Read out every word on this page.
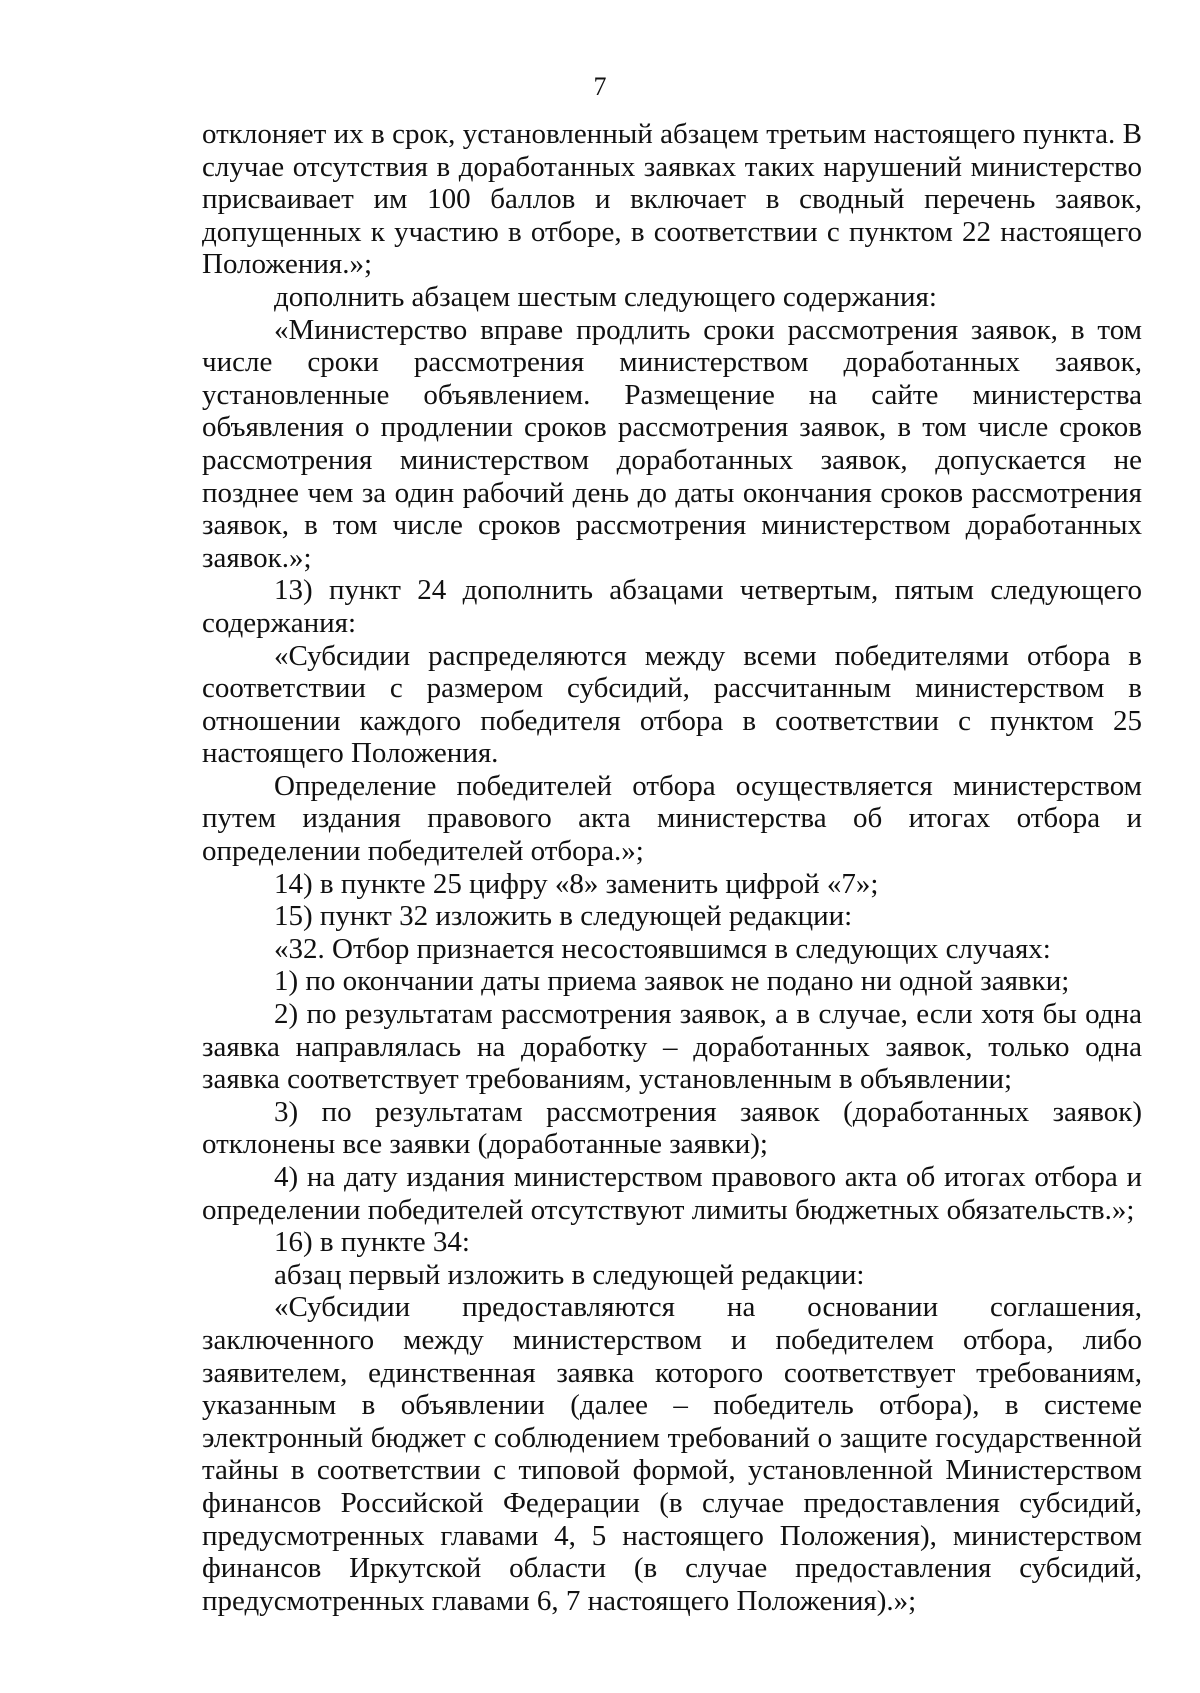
7

отклоняет их в срок, установленный абзацем третьим настоящего пункта. В случае отсутствия в доработанных заявках таких нарушений министерство присваивает им 100 баллов и включает в сводный перечень заявок, допущенных к участию в отборе, в соответствии с пунктом 22 настоящего Положения.»;

дополнить абзацем шестым следующего содержания:

«Министерство вправе продлить сроки рассмотрения заявок, в том числе сроки рассмотрения министерством доработанных заявок, установленные объявлением. Размещение на сайте министерства объявления о продлении сроков рассмотрения заявок, в том числе сроков рассмотрения министерством доработанных заявок, допускается не позднее чем за один рабочий день до даты окончания сроков рассмотрения заявок, в том числе сроков рассмотрения министерством доработанных заявок.»;

13) пункт 24 дополнить абзацами четвертым, пятым следующего содержания:

«Субсидии распределяются между всеми победителями отбора в соответствии с размером субсидий, рассчитанным министерством в отношении каждого победителя отбора в соответствии с пунктом 25 настоящего Положения.

Определение победителей отбора осуществляется министерством путем издания правового акта министерства об итогах отбора и определении победителей отбора.»;

14) в пункте 25 цифру «8» заменить цифрой «7»;

15) пункт 32 изложить в следующей редакции:

«32. Отбор признается несостоявшимся в следующих случаях:

1) по окончании даты приема заявок не подано ни одной заявки;

2) по результатам рассмотрения заявок, а в случае, если хотя бы одна заявка направлялась на доработку – доработанных заявок, только одна заявка соответствует требованиям, установленным в объявлении;

3) по результатам рассмотрения заявок (доработанных заявок) отклонены все заявки (доработанные заявки);

4) на дату издания министерством правового акта об итогах отбора и определении победителей отсутствуют лимиты бюджетных обязательств.»;

16) в пункте 34:

абзац первый изложить в следующей редакции:

«Субсидии предоставляются на основании соглашения, заключенного между министерством и победителем отбора, либо заявителем, единственная заявка которого соответствует требованиям, указанным в объявлении (далее – победитель отбора), в системе электронный бюджет с соблюдением требований о защите государственной тайны в соответствии с типовой формой, установленной Министерством финансов Российской Федерации (в случае предоставления субсидий, предусмотренных главами 4, 5 настоящего Положения), министерством финансов Иркутской области (в случае предоставления субсидий, предусмотренных главами 6, 7 настоящего Положения).»;
